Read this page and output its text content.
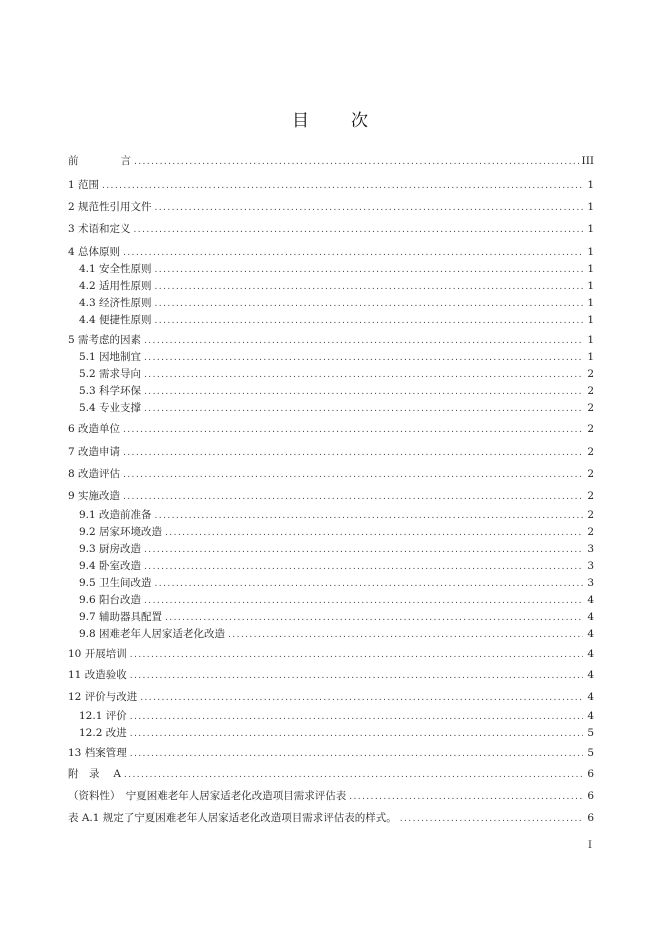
目 次
前　　　　言 .....	III
1 范围 .....	1
2 规范性引用文件 .....	1
3 术语和定义 .....	1
4 总体原则 .....	1
4.1 安全性原则 .....	1
4.2 适用性原则 .....	1
4.3 经济性原则 .....	1
4.4 便捷性原则 .....	1
5 需考虑的因素 .....	1
5.1 因地制宜 .....	1
5.2 需求导向 .....	2
5.3 科学环保 .....	2
5.4 专业支撑 .....	2
6 改造单位 .....	2
7 改造申请 .....	2
8 改造评估 .....	2
9 实施改造 .....	2
9.1 改造前准备 .....	2
9.2 居家环境改造 .....	2
9.3 厨房改造 .....	3
9.4 卧室改造 .....	3
9.5 卫生间改造 .....	3
9.6 阳台改造 .....	4
9.7 辅助器具配置 .....	4
9.8 困难老年人居家适老化改造 .....	4
10 开展培训 .....	4
11 改造验收 .....	4
12 评价与改进 .....	4
12.1 评价 .....	4
12.2 改进 .....	5
13 档案管理 .....	5
附　录　 A .....	6
（资料性）　宁夏困难老年人居家适老化改造项目需求评估表 .....	6
表 A.1 规定了宁夏困难老年人居家适老化改造项目需求评估表的样式。 .....	6
I
